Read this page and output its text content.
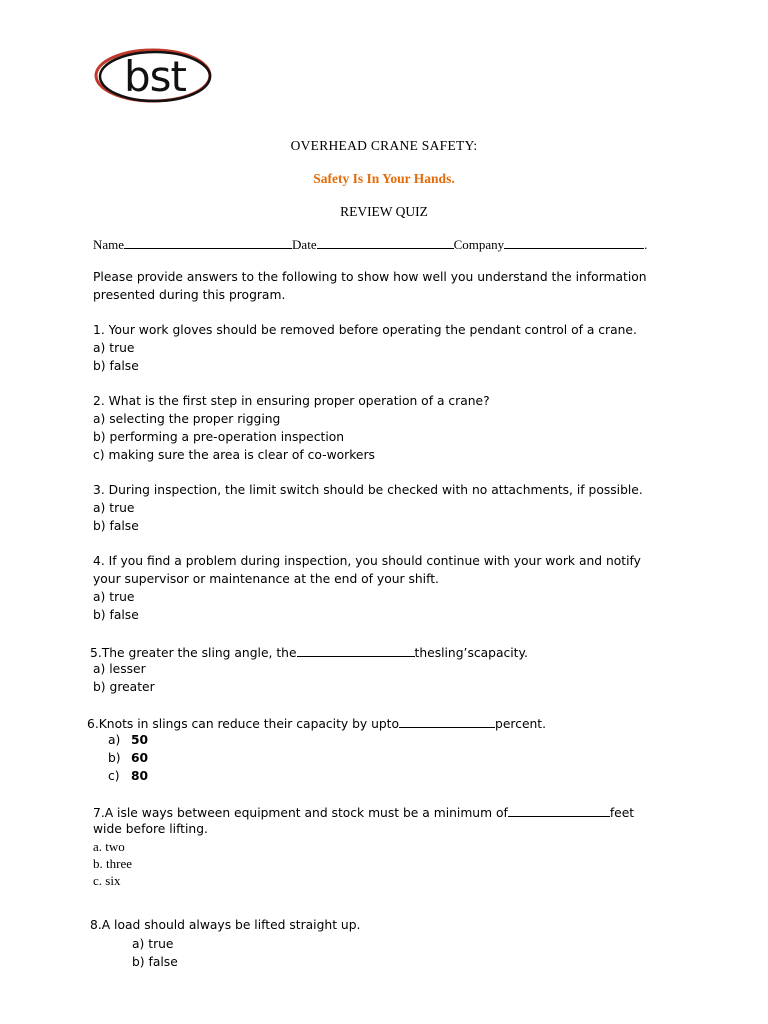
bst
OVERHEAD CRANE SAFETY:
Safety Is In Your Hands.
REVIEW QUIZ
Name	Date	Company	.
Please provide answers to the following to show how well you understand the information
presented during this program.
1. Your work gloves should be removed before operating the pendant control of a crane.
a) true
b) false
2. What is the first step in ensuring proper operation of a crane?
a) selecting the proper rigging
b) performing a pre-operation inspection
c) making sure the area is clear of co-workers
3. During inspection, the limit switch should be checked with no attachments, if possible.
a) true
b) false
4. If you find a problem during inspection, you should continue with your work and notify
your supervisor or maintenance at the end of your shift.
a) true
b) false
5.The greater the sling angle, the	thesling’scapacity.
a) lesser
b) greater
6.Knots in slings can reduce their capacity by upto	percent.
a) 50
b) 60
c) 80
7.A isle ways between equipment and stock must be a minimum of	feet
wide before lifting.
a. two
b. three
c. six
8.A load should always be lifted straight up.
a) true
b) false
